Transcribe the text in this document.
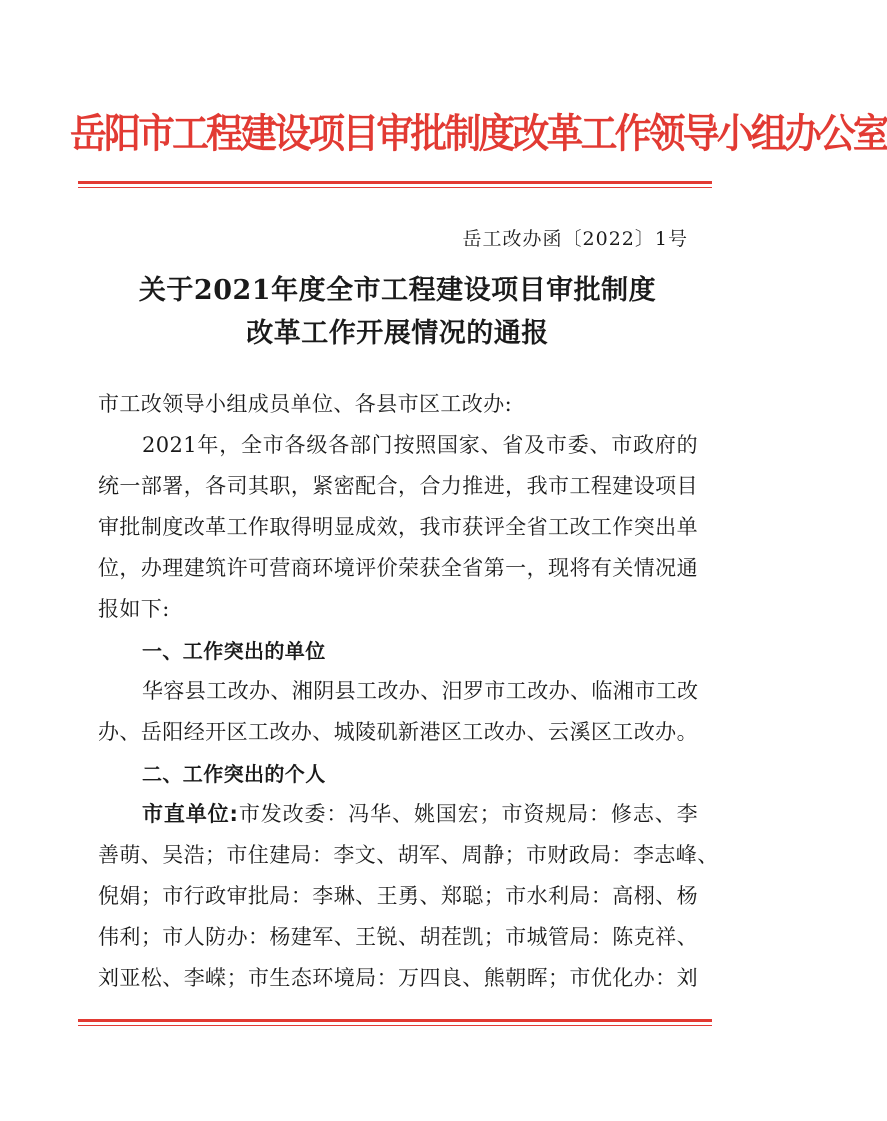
岳阳市工程建设项目审批制度改革工作领导小组办公室
岳工改办函〔2022〕1号
关于2021年度全市工程建设项目审批制度
改革工作开展情况的通报
市工改领导小组成员单位、各县市区工改办:
2021年，全市各级各部门按照国家、省及市委、市政府的
统一部署，各司其职，紧密配合，合力推进，我市工程建设项目
审批制度改革工作取得明显成效，我市获评全省工改工作突出单
位，办理建筑许可营商环境评价荣获全省第一，现将有关情况通
报如下:
一、工作突出的单位
华容县工改办、湘阴县工改办、汨罗市工改办、临湘市工改
办、岳阳经开区工改办、城陵矶新港区工改办、云溪区工改办。
二、工作突出的个人
市直单位:市发改委：冯华、姚国宏；市资规局：修志、李
善萌、吴浩；市住建局：李文、胡军、周静；市财政局：李志峰、
倪娟；市行政审批局：李琳、王勇、郑聪；市水利局：高栩、杨
伟利；市人防办：杨建军、王锐、胡茬凯；市城管局：陈克祥、
刘亚松、李嵘；市生态环境局：万四良、熊朝晖；市优化办：刘
